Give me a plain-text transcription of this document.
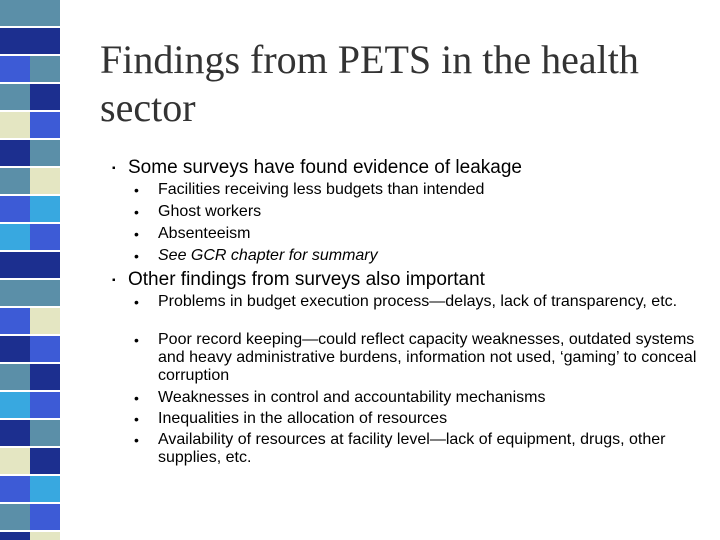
Findings from PETS in the health sector
▪ Some surveys have found evidence of leakage
• Facilities receiving less budgets than intended
• Ghost workers
• Absenteeism
• See GCR chapter for summary
▪ Other findings from surveys also important
• Problems in budget execution process—delays, lack of transparency, etc.
• Poor record keeping—could reflect capacity weaknesses, outdated systems and heavy administrative burdens, information not used, ‘gaming’ to conceal corruption
• Weaknesses in control and accountability mechanisms
• Inequalities in the allocation of resources
• Availability of resources at facility level—lack of equipment, drugs, other supplies, etc.
